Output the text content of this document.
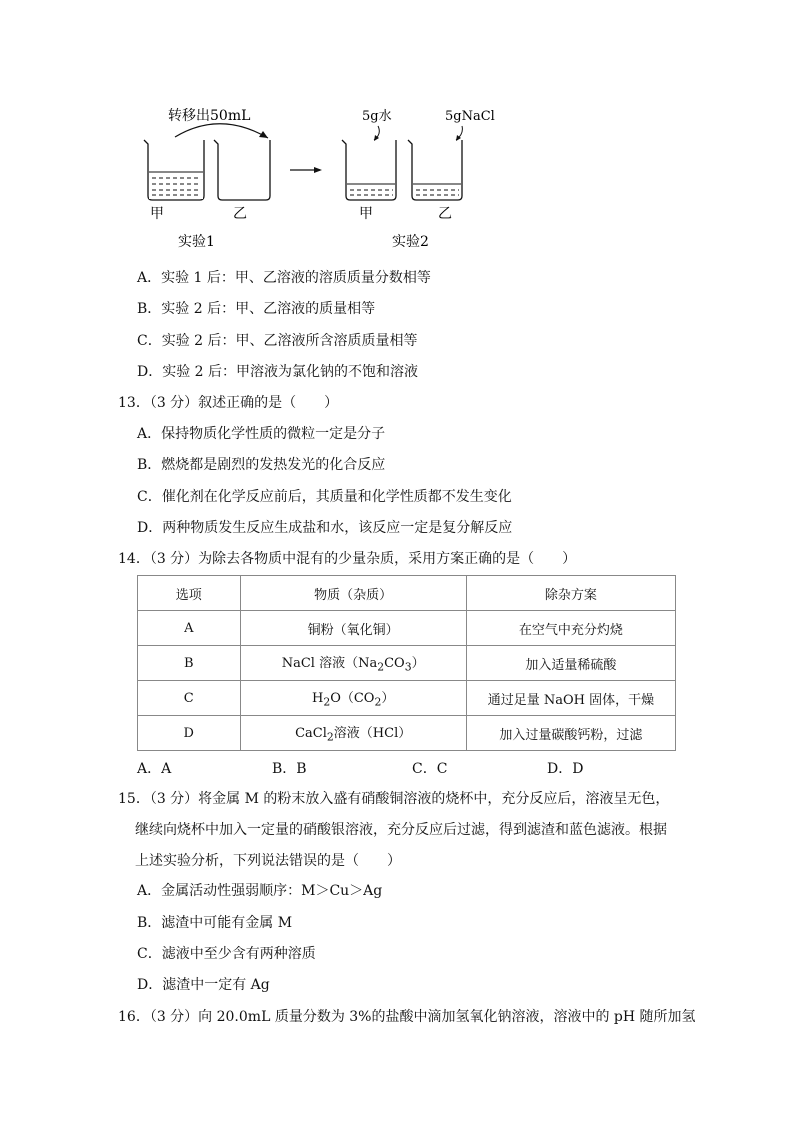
转移出50mL
甲	乙
实验1
5g水	5gNaCl
甲	乙
实验2
A．实验 1 后：甲、乙溶液的溶质质量分数相等
B．实验 2 后：甲、乙溶液的质量相等
C．实验 2 后：甲、乙溶液所含溶质质量相等
D．实验 2 后：甲溶液为氯化钠的不饱和溶液
13．（3 分）叙述正确的是（　　）
A．保持物质化学性质的微粒一定是分子
B．燃烧都是剧烈的发热发光的化合反应
C．催化剂在化学反应前后，其质量和化学性质都不发生变化
D．两种物质发生反应生成盐和水，该反应一定是复分解反应
14．（3 分）为除去各物质中混有的少量杂质，采用方案正确的是（　　）
选项	物质（杂质）	除杂方案
A	铜粉（氧化铜）	在空气中充分灼烧
B	NaCl 溶液$(Na_2CO_3)$	加入适量稀硫酸
C	$H_2O(CO_2)$	通过足量 NaOH 固体，干燥
D	CaCl$_2$溶液（HCl）	加入过量碳酸钙粉，过滤
A．A	B．B	C．C	D．D
15．（3 分）将金属 M 的粉末放入盛有硝酸铜溶液的烧杯中，充分反应后，溶液呈无色，
继续向烧杯中加入一定量的硝酸银溶液，充分反应后过滤，得到滤渣和蓝色滤液。根据
上述实验分析，下列说法错误的是（　　）
A．金属活动性强弱顺序：M＞Cu＞Ag
B．滤渣中可能有金属 M
C．滤液中至少含有两种溶质
D．滤渣中一定有 Ag
16．（3 分）向 20.0mL 质量分数为 3%的盐酸中滴加氢氧化钠溶液，溶液中的 pH 随所加氢
